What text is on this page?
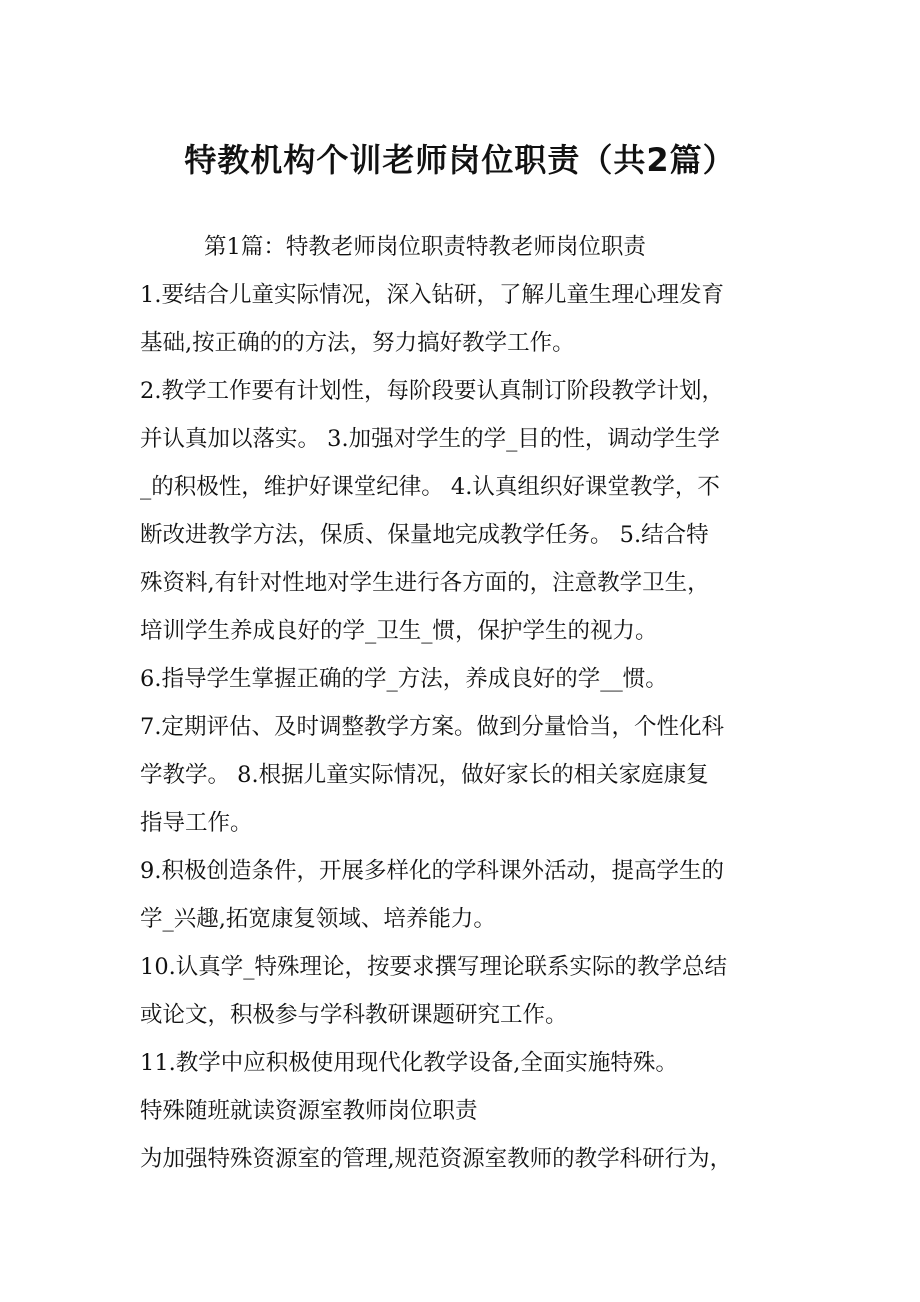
特教机构个训老师岗位职责（共2篇）

第1篇：特教老师岗位职责特教老师岗位职责

1.要结合儿童实际情况，深入钻研，了解儿童生理心理发育

基础,按正确的的方法，努力搞好教学工作。

2.教学工作要有计划性，每阶段要认真制订阶段教学计划，

并认真加以落实。 3.加强对学生的学_目的性，调动学生学

_的积极性，维护好课堂纪律。 4.认真组织好课堂教学，不

断改进教学方法，保质、保量地完成教学任务。 5.结合特

殊资料,有针对性地对学生进行各方面的，注意教学卫生，

培训学生养成良好的学_卫生_惯，保护学生的视力。

6.指导学生掌握正确的学_方法，养成良好的学__惯。

7.定期评估、及时调整教学方案。做到分量恰当，个性化科

学教学。 8.根据儿童实际情况，做好家长的相关家庭康复

指导工作。

9.积极创造条件，开展多样化的学科课外活动，提高学生的

学_兴趣,拓宽康复领域、培养能力。

10.认真学_特殊理论，按要求撰写理论联系实际的教学总结

或论文，积极参与学科教研课题研究工作。

11.教学中应积极使用现代化教学设备,全面实施特殊。

特殊随班就读资源室教师岗位职责

为加强特殊资源室的管理,规范资源室教师的教学科研行为，
